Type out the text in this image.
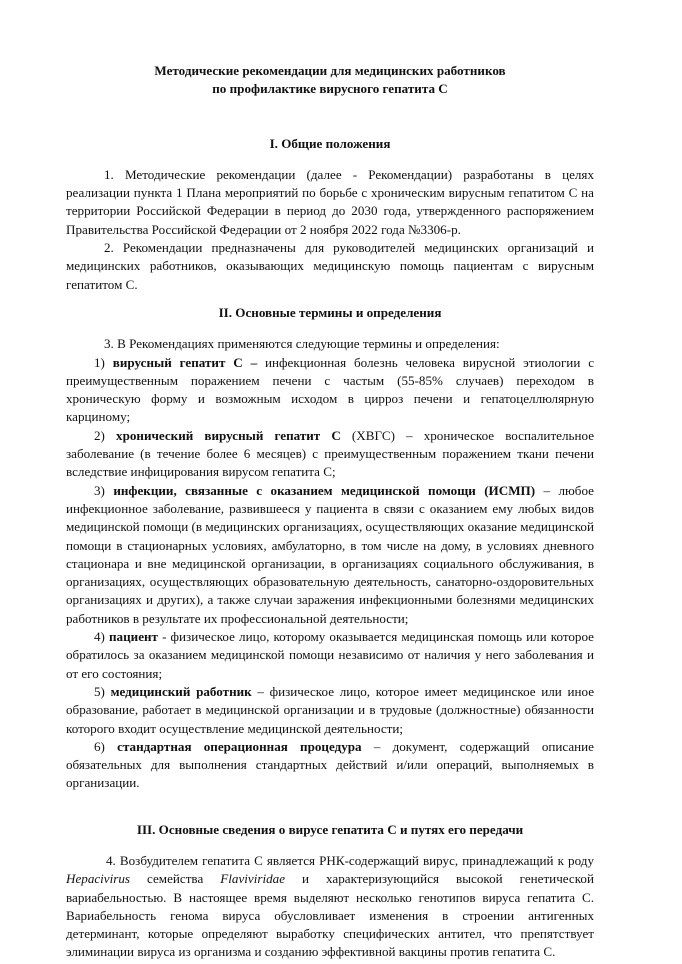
Методические рекомендации для медицинских работников

по профилактике вирусного гепатита С

I. Общие положения

1. Методические рекомендации (далее - Рекомендации) разработаны в целях реализации пункта 1 Плана мероприятий по борьбе с хроническим вирусным гепатитом С на территории Российской Федерации в период до 2030 года, утвержденного распоряжением Правительства Российской Федерации от 2 ноября 2022 года №3306-р.

2. Рекомендации предназначены для руководителей медицинских организаций и медицинских работников, оказывающих медицинскую помощь пациентам с вирусным гепатитом С.

II. Основные термины и определения

3. В Рекомендациях применяются следующие термины и определения:

1) вирусный гепатит С – инфекционная болезнь человека вирусной этиологии с преимущественным поражением печени с частым (55-85% случаев) переходом в хроническую форму и возможным исходом в цирроз печени и гепатоцеллюлярную карциному;

2) хронический вирусный гепатит С (ХВГС) – хроническое воспалительное заболевание (в течение более 6 месяцев) с преимущественным поражением ткани печени вследствие инфицирования вирусом гепатита С;

3) инфекции, связанные с оказанием медицинской помощи (ИСМП) – любое инфекционное заболевание, развившееся у пациента в связи с оказанием ему любых видов медицинской помощи (в медицинских организациях, осуществляющих оказание медицинской помощи в стационарных условиях, амбулаторно, в том числе на дому, в условиях дневного стационара и вне медицинской организации, в организациях социального обслуживания, в организациях, осуществляющих образовательную деятельность, санаторно-оздоровительных организациях и других), а также случаи заражения инфекционными болезнями медицинских работников в результате их профессиональной деятельности;

4) пациент - физическое лицо, которому оказывается медицинская помощь или которое обратилось за оказанием медицинской помощи независимо от наличия у него заболевания и от его состояния;

5) медицинский работник – физическое лицо, которое имеет медицинское или иное образование, работает в медицинской организации и в трудовые (должностные) обязанности которого входит осуществление медицинской деятельности;

6) стандартная операционная процедура – документ, содержащий описание обязательных для выполнения стандартных действий и/или операций, выполняемых в организации.

III. Основные сведения о вирусе гепатита С и путях его передачи

4. Возбудителем гепатита С является РНК-содержащий вирус, принадлежащий к роду Hepacivirus семейства Flaviviridae и характеризующийся высокой генетической вариабельностью. В настоящее время выделяют несколько генотипов вируса гепатита С. Вариабельность генома вируса обусловливает изменения в строении антигенных детерминант, которые определяют выработку специфических антител, что препятствует элиминации вируса из организма и созданию эффективной вакцины против гепатита С.
